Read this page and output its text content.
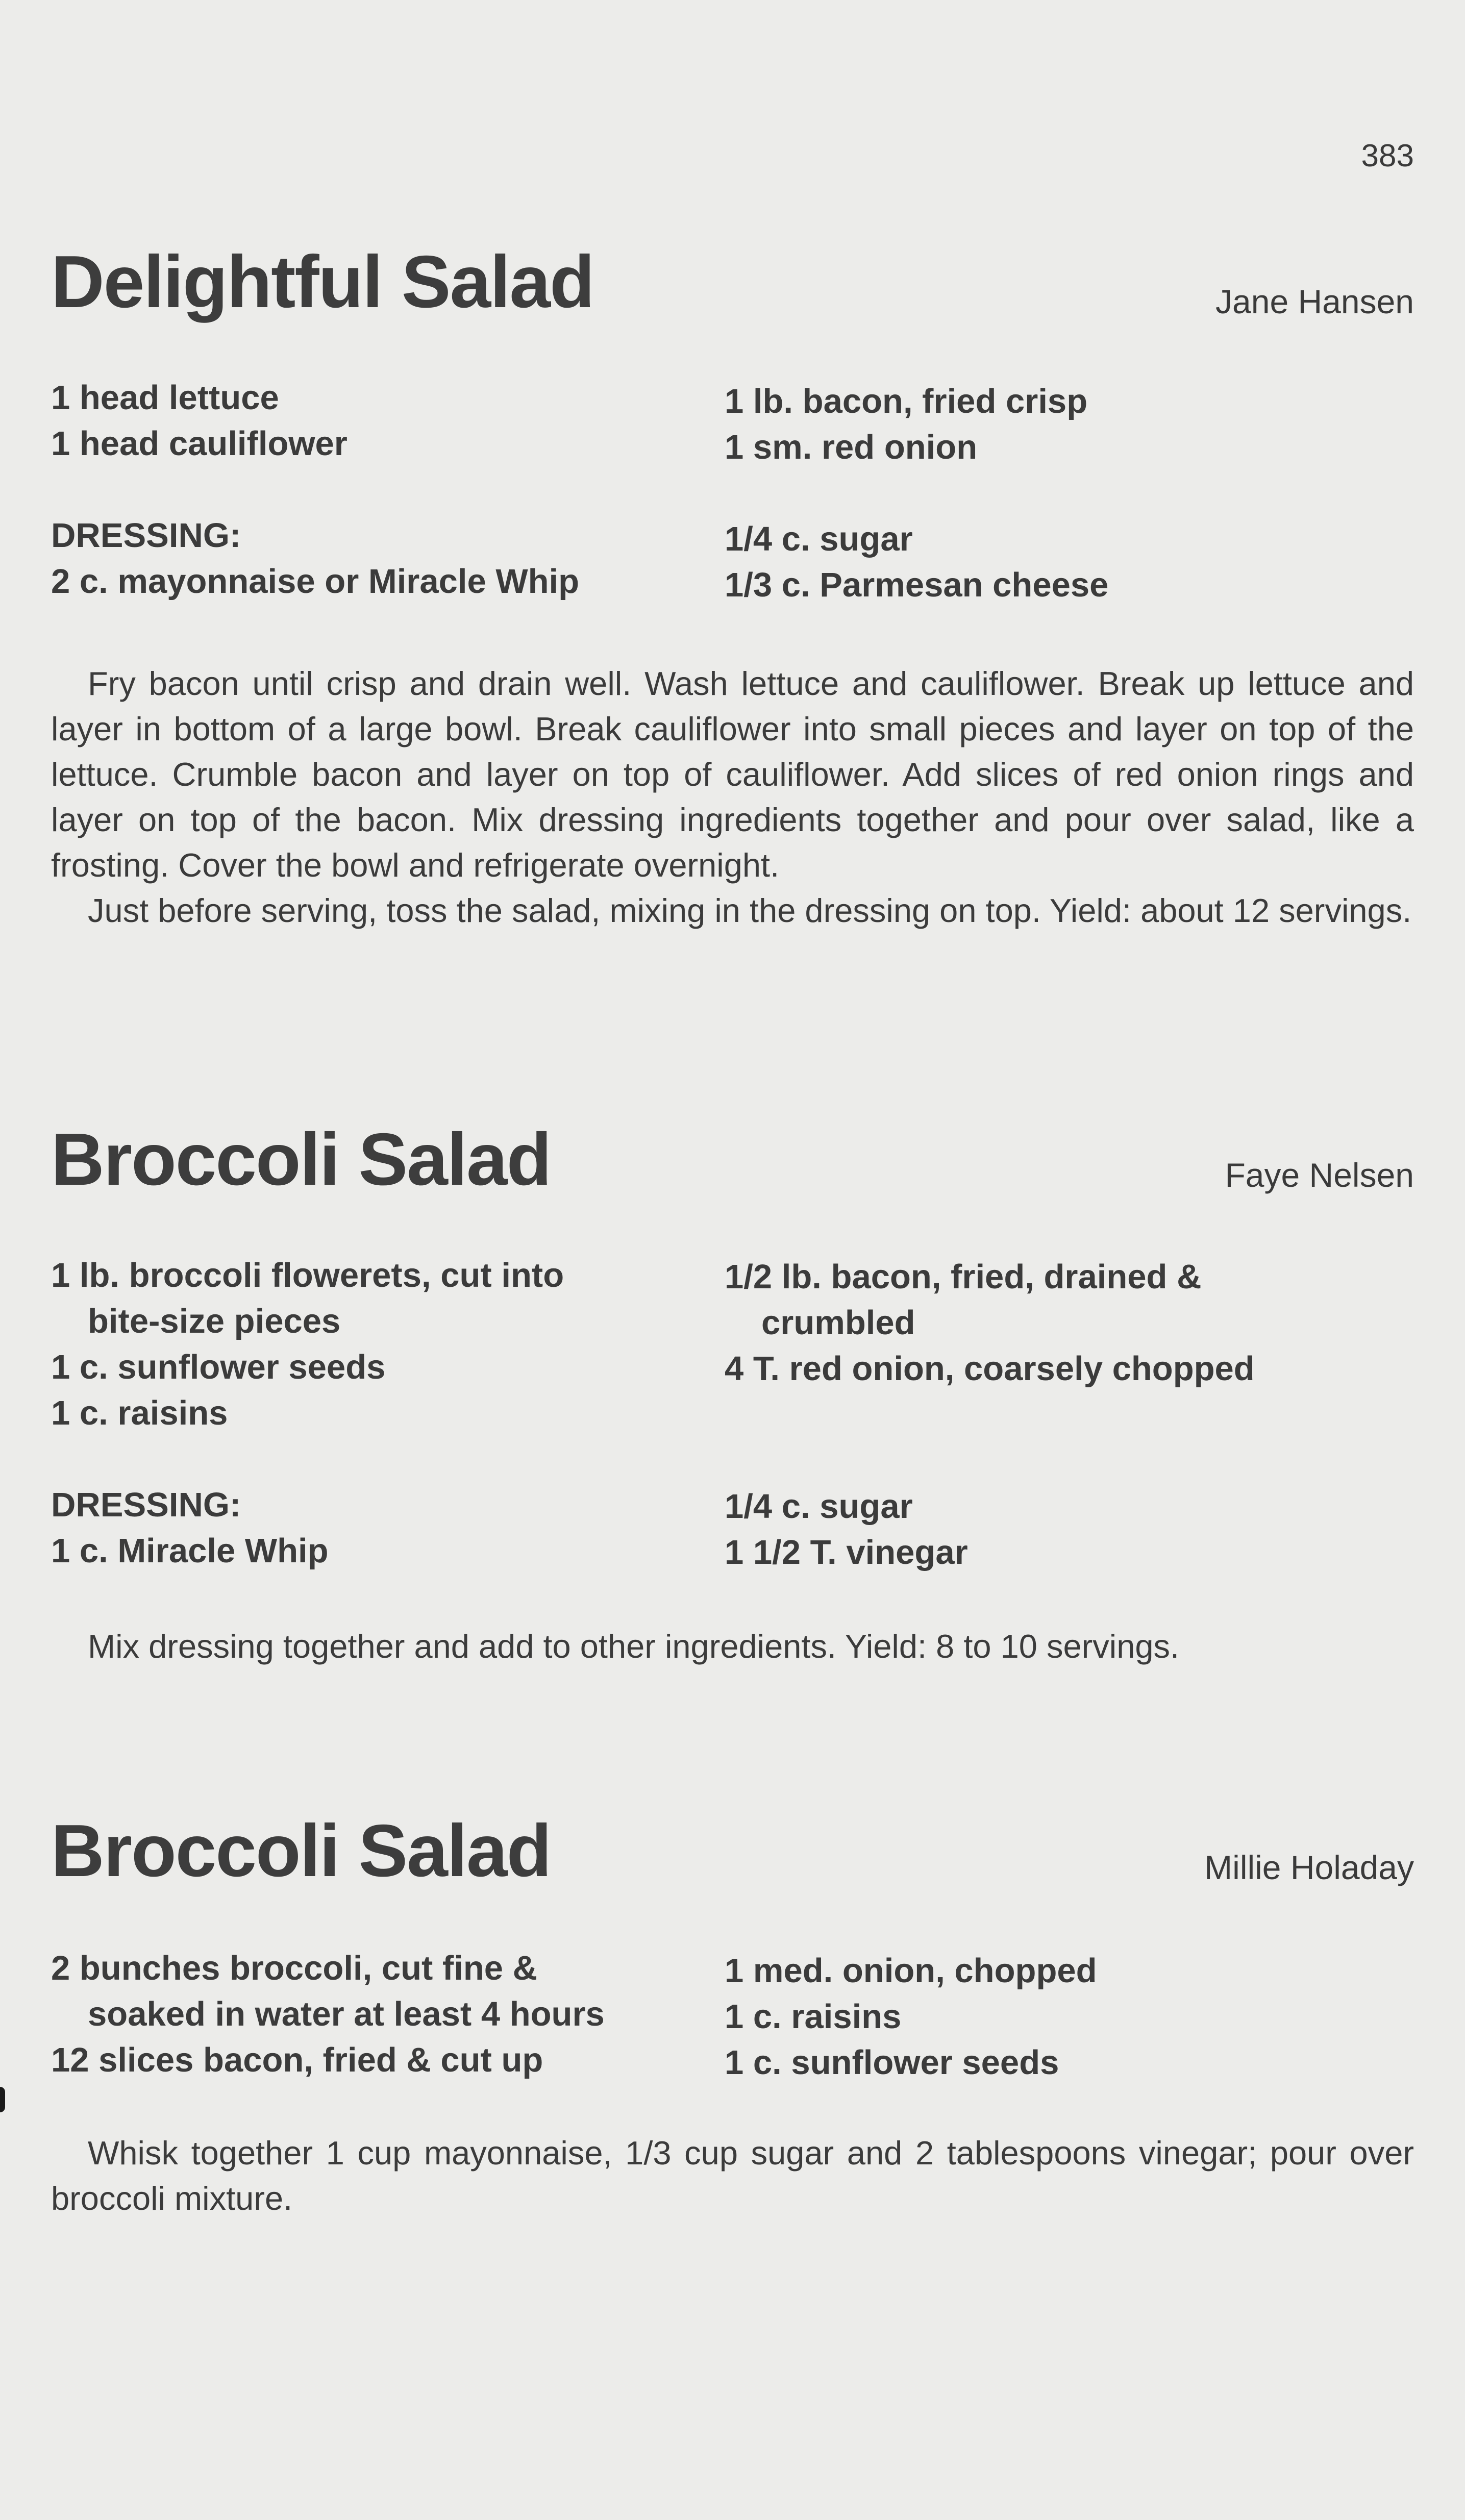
383
Delightful Salad	Jane Hansen
1 head lettuce
1 head cauliflower
DRESSING:
2 c. mayonnaise or Miracle Whip
1 lb. bacon, fried crisp
1 sm. red onion
1/4 c. sugar
1/3 c. Parmesan cheese

Fry bacon until crisp and drain well. Wash lettuce and cauliflower. Break up lettuce and layer in bottom of a large bowl. Break cauliflower into small pieces and layer on top of the lettuce. Crumble bacon and layer on top of cauliflower. Add slices of red onion rings and layer on top of the bacon. Mix dressing ingredients together and pour over salad, like a frosting. Cover the bowl and refrigerate overnight.

Just before serving, toss the salad, mixing in the dressing on top. Yield: about 12 servings.

Broccoli Salad	Faye Nelsen
1 lb. broccoli flowerets, cut into
bite-size pieces
1 c. sunflower seeds
1 c. raisins
DRESSING:
1 c. Miracle Whip
1/2 lb. bacon, fried, drained &
crumbled
4 T. red onion, coarsely chopped
1/4 c. sugar
1 1/2 T. vinegar

Mix dressing together and add to other ingredients. Yield: 8 to 10 servings.

Broccoli Salad	Millie Holaday
2 bunches broccoli, cut fine &
soaked in water at least 4 hours
12 slices bacon, fried & cut up
1 med. onion, chopped
1 c. raisins
1 c. sunflower seeds

Whisk together 1 cup mayonnaise, 1/3 cup sugar and 2 tablespoons vinegar; pour over broccoli mixture.
